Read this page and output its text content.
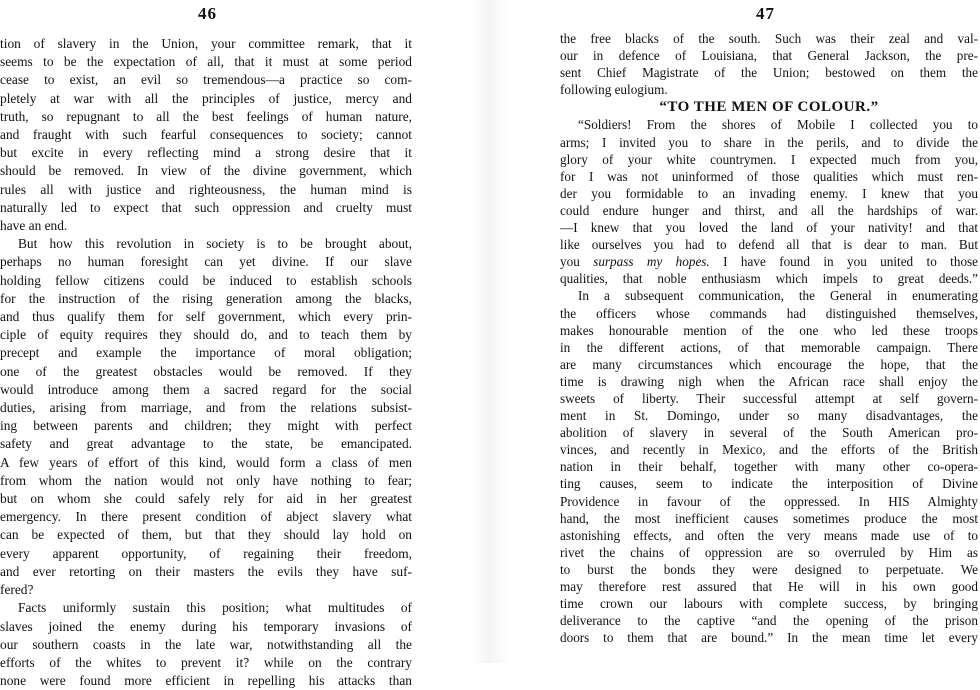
46
tion of slavery in the Union, your committee remark, that it
seems to be the expectation of all, that it must at some period
cease to exist, an evil so tremendous—a practice so com-
pletely at war with all the principles of justice, mercy and
truth, so repugnant to all the best feelings of human nature,
and fraught with such fearful consequences to society; cannot
but excite in every reflecting mind a strong desire that it
should be removed. In view of the divine government, which
rules all with justice and righteousness, the human mind is
naturally led to expect that such oppression and cruelty must
have an end.
But how this revolution in society is to be brought about,
perhaps no human foresight can yet divine. If our slave
holding fellow citizens could be induced to establish schools
for the instruction of the rising generation among the blacks,
and thus qualify them for self government, which every prin-
ciple of equity requires they should do, and to teach them by
precept and example the importance of moral obligation;
one of the greatest obstacles would be removed. If they
would introduce among them a sacred regard for the social
duties, arising from marriage, and from the relations subsist-
ing between parents and children; they might with perfect
safety and great advantage to the state, be emancipated.
A few years of effort of this kind, would form a class of men
from whom the nation would not only have nothing to fear;
but on whom she could safely rely for aid in her greatest
emergency. In there present condition of abject slavery what
can be expected of them, but that they should lay hold on
every apparent opportunity, of regaining their freedom,
and ever retorting on their masters the evils they have suf-
fered?
Facts uniformly sustain this position; what multitudes of
slaves joined the enemy during his temporary invasions of
our southern coasts in the late war, notwithstanding all the
efforts of the whites to prevent it? while on the contrary
none were found more efficient in repelling his attacks than
47
the free blacks of the south. Such was their zeal and val-
our in defence of Louisiana, that General Jackson, the pre-
sent Chief Magistrate of the Union; bestowed on them the
following eulogium.
“TO THE MEN OF COLOUR.”
“Soldiers! From the shores of Mobile I collected you to
arms; I invited you to share in the perils, and to divide the
glory of your white countrymen. I expected much from you,
for I was not uninformed of those qualities which must ren-
der you formidable to an invading enemy. I knew that you
could endure hunger and thirst, and all the hardships of war.
—I knew that you loved the land of your nativity! and that
like ourselves you had to defend all that is dear to man. But
you surpass my hopes. I have found in you united to those
qualities, that noble enthusiasm which impels to great deeds.”
In a subsequent communication, the General in enumerating
the officers whose commands had distinguished themselves,
makes honourable mention of the one who led these troops
in the different actions, of that memorable campaign. There
are many circumstances which encourage the hope, that the
time is drawing nigh when the African race shall enjoy the
sweets of liberty. Their successful attempt at self govern-
ment in St. Domingo, under so many disadvantages, the
abolition of slavery in several of the South American pro-
vinces, and recently in Mexico, and the efforts of the British
nation in their behalf, together with many other co-opera-
ting causes, seem to indicate the interposition of Divine
Providence in favour of the oppressed. In HIS Almighty
hand, the most inefficient causes sometimes produce the most
astonishing effects, and often the very means made use of to
rivet the chains of oppression are so overruled by Him as
to burst the bonds they were designed to perpetuate. We
may therefore rest assured that He will in his own good
time crown our labours with complete success, by bringing
deliverance to the captive “and the opening of the prison
doors to them that are bound.” In the mean time let every
